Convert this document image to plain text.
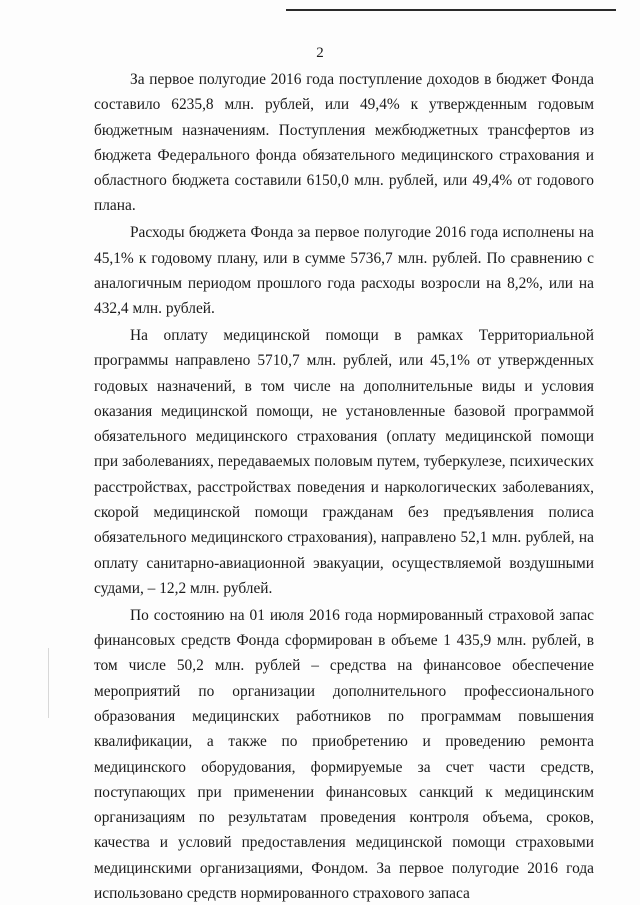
2

За первое полугодие 2016 года поступление доходов в бюджет Фонда составило 6235,8 млн. рублей, или 49,4% к утвержденным годовым бюджетным назначениям. Поступления межбюджетных трансфертов из бюджета Федерального фонда обязательного медицинского страхования и областного бюджета составили 6150,0 млн. рублей, или 49,4% от годового плана.

Расходы бюджета Фонда за первое полугодие 2016 года исполнены на 45,1% к годовому плану, или в сумме 5736,7 млн. рублей. По сравнению с аналогичным периодом прошлого года расходы возросли на 8,2%, или на 432,4 млн. рублей.

На оплату медицинской помощи в рамках Территориальной программы направлено 5710,7 млн. рублей, или 45,1% от утвержденных годовых назначений, в том числе на дополнительные виды и условия оказания медицинской помощи, не установленные базовой программой обязательного медицинского страхования (оплату медицинской помощи при заболеваниях, передаваемых половым путем, туберкулезе, психических расстройствах, расстройствах поведения и наркологических заболеваниях, скорой медицинской помощи гражданам без предъявления полиса обязательного медицинского страхования), направлено 52,1 млн. рублей, на оплату санитарно-авиационной эвакуации, осуществляемой воздушными судами, – 12,2 млн. рублей.

По состоянию на 01 июля 2016 года нормированный страховой запас финансовых средств Фонда сформирован в объеме 1 435,9 млн. рублей, в том числе 50,2 млн. рублей – средства на финансовое обеспечение мероприятий по организации дополнительного профессионального образования медицинских работников по программам повышения квалификации, а также по приобретению и проведению ремонта медицинского оборудования, формируемые за счет части средств, поступающих при применении финансовых санкций к медицинским организациям по результатам проведения контроля объема, сроков, качества и условий предоставления медицинской помощи страховыми медицинскими организациями, Фондом. За первое полугодие 2016 года использовано средств нормированного страхового запаса
